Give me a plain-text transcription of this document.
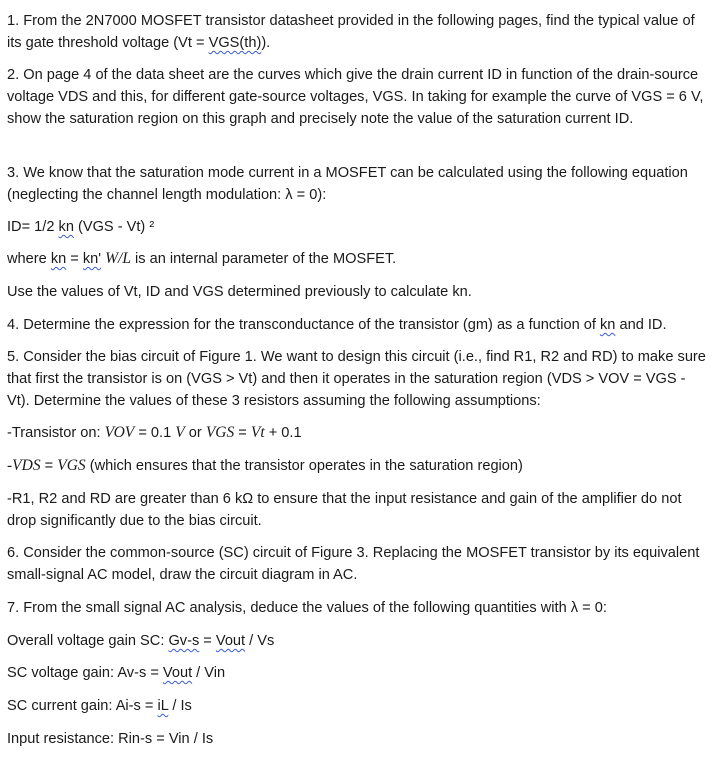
1. From the 2N7000 MOSFET transistor datasheet provided in the following pages, find the typical value of its gate threshold voltage (Vt = VGS(th)).

2. On page 4 of the data sheet are the curves which give the drain current ID in function of the drain-source voltage VDS and this, for different gate-source voltages, VGS. In taking for example the curve of VGS = 6 V, show the saturation region on this graph and precisely note the value of the saturation current ID.

3. We know that the saturation mode current in a MOSFET can be calculated using the following equation (neglecting the channel length modulation: λ = 0):

ID= 1/2 kn (VGS - Vt) ²

where kn = kn' W/L is an internal parameter of the MOSFET.

Use the values of Vt, ID and VGS determined previously to calculate kn.

4. Determine the expression for the transconductance of the transistor (gm) as a function of kn and ID.

5. Consider the bias circuit of Figure 1. We want to design this circuit (i.e., find R1, R2 and RD) to make sure that first the transistor is on (VGS > Vt) and then it operates in the saturation region (VDS > VOV = VGS - Vt). Determine the values of these 3 resistors assuming the following assumptions:

-Transistor on: VOV = 0.1 V or VGS = Vt + 0.1

-VDS = VGS (which ensures that the transistor operates in the saturation region)

-R1, R2 and RD are greater than 6 kΩ to ensure that the input resistance and gain of the amplifier do not drop significantly due to the bias circuit.

6. Consider the common-source (SC) circuit of Figure 3. Replacing the MOSFET transistor by its equivalent small-signal AC model, draw the circuit diagram in AC.

7. From the small signal AC analysis, deduce the values of the following quantities with λ = 0:

Overall voltage gain SC: Gv-s = Vout / Vs

SC voltage gain: Av-s = Vout / Vin

SC current gain: Ai-s = iL / Is

Input resistance: Rin-s = Vin / Is
